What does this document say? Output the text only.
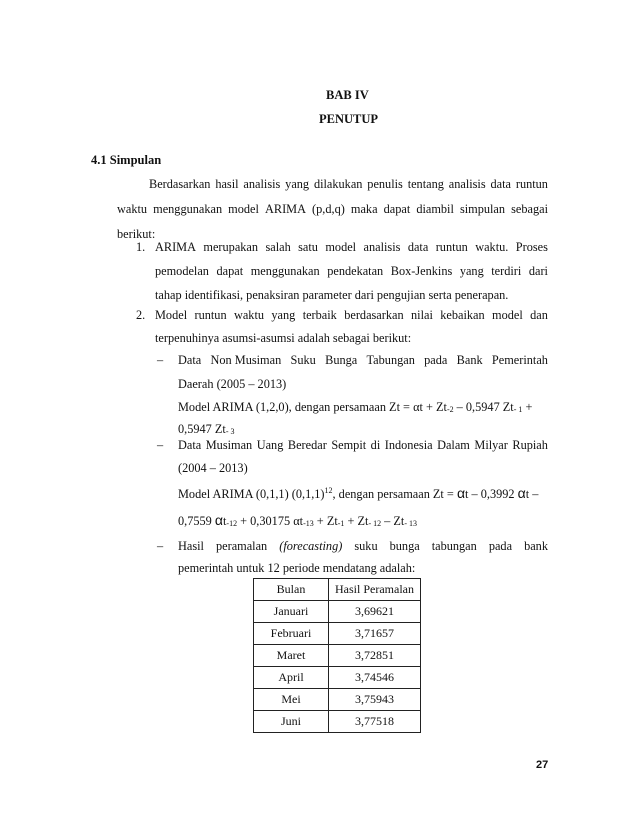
BAB IV
PENUTUP
4.1 Simpulan
Berdasarkan hasil analisis yang dilakukan penulis tentang analisis data runtun
waktu menggunakan model ARIMA (p,d,q) maka dapat diambil simpulan sebagai
berikut:
1. ARIMA merupakan salah satu model analisis data runtun waktu. Proses
pemodelan dapat menggunakan pendekatan Box-Jenkins yang terdiri dari
tahap identifikasi, penaksiran parameter dari pengujian serta penerapan.
2. Model runtun waktu yang terbaik berdasarkan nilai kebaikan model dan
terpenuhinya asumsi-asumsi adalah sebagai berikut:
– Data Non Musiman Suku Bunga Tabungan pada Bank Pemerintah
Daerah (2005 – 2013)
Model ARIMA (1,2,0), dengan persamaan $Zt = \alpha t + Zt_{-2} - 0,5947$ $Zt_{- 1}$ +
0,5947 $Zt_{- 3}$
– Data Musiman Uang Beredar Sempit di Indonesia Dalam Milyar Rupiah
(2004 – 2013)
Model ARIMA (0,1,1) $(0,1,1)^{12}$, dengan persamaan Zt = αt – 0,3992 αt –
0,7559 $\alpha t_{-12} + 0,30175$ $\alpha t_{-13} + Zt_{-1} + Zt_{- 12} - Zt_{- 13}$
– Hasil peramalan (forecasting) suku bunga tabungan pada bank
pemerintah untuk 12 periode mendatang adalah:
Bulan	Hasil Peramalan
Januari	3,69621
Februari	3,71657
Maret	3,72851
April	3,74546
Mei	3,75943
Juni	3,77518
27
